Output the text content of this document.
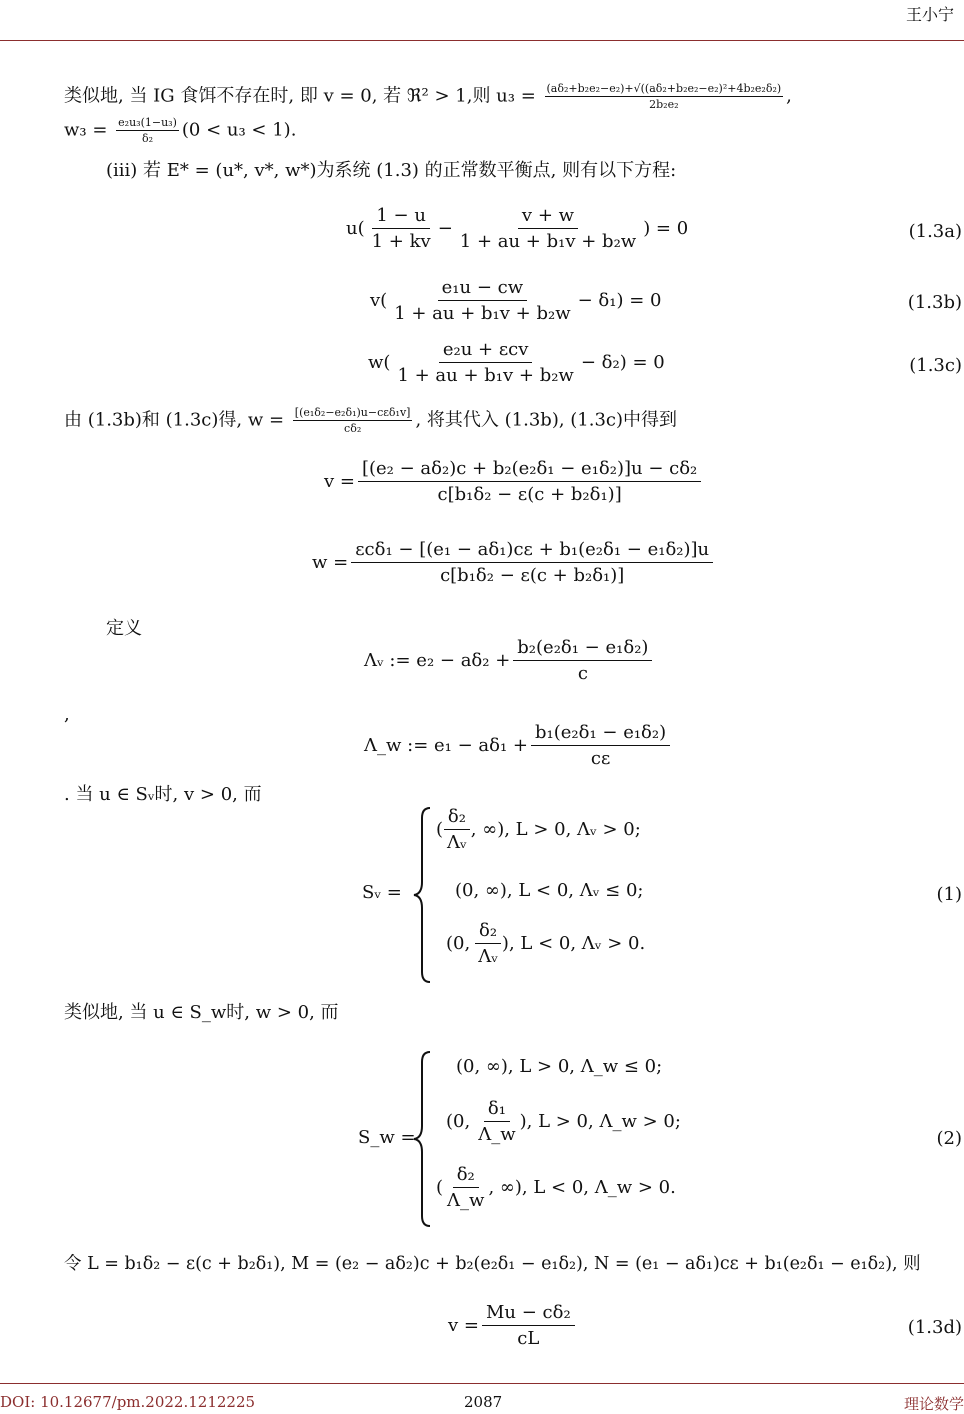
王小宁
类似地, 当 IG 食饵不存在时, 即 v = 0, 若 ℜ² > 1,则 $u_3 = \frac{\text{(aδ₂+b₂e₂−e₂)+√((aδ₂+b₂e₂−e₂)²+4b₂e₂δ₂)}}{\text{2b₂e₂}}$ ,
$w_3 = \frac{\text{e₂u₃(1−u₃)}}{\text{δ₂}} (0 < u_3 < 1)$.
(iii) 若 E* = (u*, v*, w*)为系统 (1.3) 的正常数平衡点, 则有以下方程:
$u( \frac{1 - u}{1 + kv} - \frac{v + w}{\text{1 + au + b₁v + b₂w}}$ ) = 0	(1.3a)
$v( \frac{\text{e₁u − cw}}{\text{1 + au + b₁v + b₂w}} - \delta_1) = 0$	(1.3b)
$w( \frac{\text{e₂u + εcv}}{\text{1 + au + b₁v + b₂w}} - \delta_2) = 0$	(1.3c)
由 (1.3b)和 (1.3c)得, $w = \frac{\text{[(e₁δ₂−e₂δ₁)u−cεδ₁v]}}{\text{cδ₂}}$ , 将其代入 (1.3b), (1.3c)中得到
$v = \frac{\text{[(e₂ − aδ₂)c + b₂(e₂δ₁ − e₁δ₂)]u − cδ₂}}{\text{c[b₁δ₂ − ε(c + b₂δ₁)]}}$
$w = \frac{\text{εcδ₁ − [(e₁ − aδ₁)cε + b₁(e₂δ₁ − e₁δ₂)]u}}{\text{c[b₁δ₂ − ε(c + b₂δ₁)]}}$
定义
Λᵥ := $e_2 - a\delta_2 + \frac{\text{b₂(e₂δ₁ − e₁δ₂)}}{c}$
,
Λ_w := $e_1 - a\delta_1 + \frac{\text{b₁(e₂δ₁ − e₁δ₂)}}{c\varepsilon}$
. 当 u ∈ Sᵥ时, v > 0, 而
Sᵥ =
( $\frac{\text{δ₂}}{\text{Λᵥ}}$ , ∞), L > 0, Λᵥ > 0;
(0, ∞), L < 0, Λᵥ ≤ 0;
(0, $\frac{\text{δ₂}}{\text{Λᵥ}}$ ), L < 0, Λᵥ > 0.
(1)
类似地, 当 u ∈ S_w时, w > 0, 而
S_w =
(0, ∞), L > 0, Λ_w ≤ 0;
(0, $\frac{\text{δ₁}}{\Lambda\_w}$ ), L > 0, Λ_w > 0;
( $\frac{\text{δ₂}}{\Lambda\_w}$ , ∞), L < 0, Λ_w > 0.
(2)
令 L = b₁δ₂ − ε(c + b₂δ₁), M = (e₂ − aδ₂)c + b₂(e₂δ₁ − e₁δ₂), N = (e₁ − aδ₁)cε + b₁(e₂δ₁ − e₁δ₂), 则
$v = \frac{\text{Mu − cδ₂}}{cL}$	(1.3d)
DOI: 10.12677/pm.2022.1212225	2087	理论数学
